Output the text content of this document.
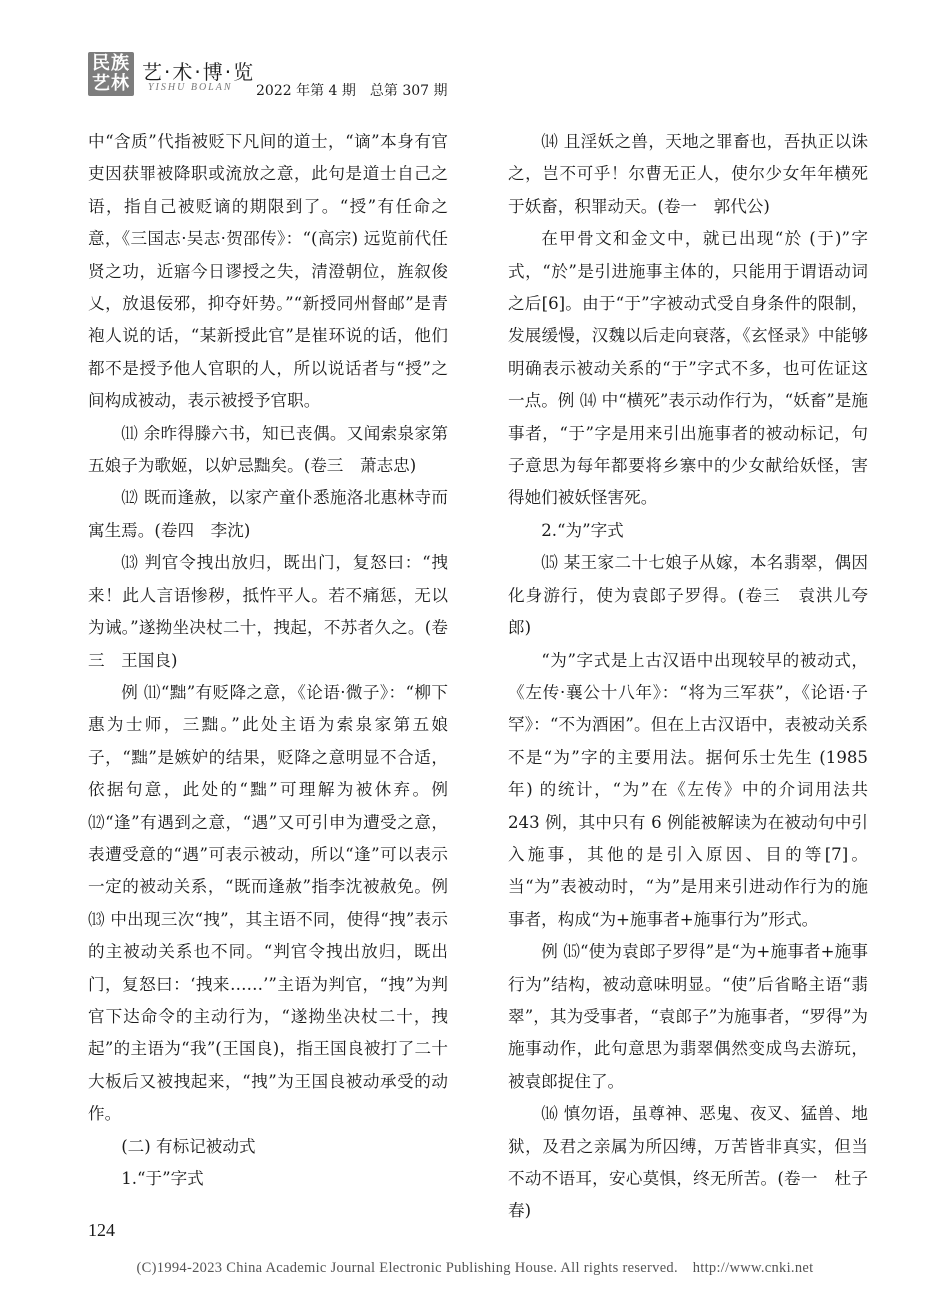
民族
艺林 艺·术·博·览
YISHU BOLAN 2022 年第 4 期　总第 307 期

中“含质”代指被贬下凡间的道士，“谪”本身有官吏因获罪被降职或流放之意，此句是道士自己之语，指自己被贬谪的期限到了。“授”有任命之意，《三国志·吴志·贺邵传》：“(高宗) 远览前代任贤之功，近寤今日谬授之失，清澄朝位，旌叙俊乂，放退佞邪，抑夺奸势。”“新授同州督邮”是青袍人说的话，“某新授此官”是崔环说的话，他们都不是授予他人官职的人，所以说话者与“授”之间构成被动，表示被授予官职。

⑾ 余昨得滕六书，知已丧偶。又闻索泉家第五娘子为歌姬，以妒忌黜矣。(卷三　萧志忠)

⑿ 既而逢赦，以家产童仆悉施洛北惠林寺而寓生焉。(卷四　李沈)

⒀ 判官令拽出放归，既出门，复怒曰：“拽来！此人言语惨秽，抵忤平人。若不痛惩，无以为诫。”遂拗坐决杖二十，拽起，不苏者久之。(卷三　王国良)

例 ⑾“黜”有贬降之意，《论语·微子》：“柳下惠为士师，三黜。”此处主语为索泉家第五娘子，“黜”是嫉妒的结果，贬降之意明显不合适，依据句意，此处的“黜”可理解为被休弃。例 ⑿“逢”有遇到之意，“遇”又可引申为遭受之意，表遭受意的“遇”可表示被动，所以“逢”可以表示一定的被动关系，“既而逢赦”指李沈被赦免。例 ⒀ 中出现三次“拽”，其主语不同，使得“拽”表示的主被动关系也不同。“判官令拽出放归，既出门，复怒曰：‘拽来……’”主语为判官，“拽”为判官下达命令的主动行为，“遂拗坐决杖二十，拽起”的主语为“我”(王国良)，指王国良被打了二十大板后又被拽起来，“拽”为王国良被动承受的动作。

(二) 有标记被动式

1.“于”字式

⒁ 且淫妖之兽，天地之罪畜也，吾执正以诛之，岂不可乎！尔曹无正人，使尔少女年年横死于妖畜，积罪动天。(卷一　郭代公)

在甲骨文和金文中，就已出现“於 (于)”字式，“於”是引进施事主体的，只能用于谓语动词之后[6]。由于“于”字被动式受自身条件的限制，发展缓慢，汉魏以后走向衰落，《玄怪录》中能够明确表示被动关系的“于”字式不多，也可佐证这一点。例 ⒁ 中“横死”表示动作行为，“妖畜”是施事者，“于”字是用来引出施事者的被动标记，句子意思为每年都要将乡寨中的少女献给妖怪，害得她们被妖怪害死。

2.“为”字式

⒂ 某王家二十七娘子从嫁，本名翡翠，偶因化身游行，使为袁郎子罗得。(卷三　袁洪儿夸郎)

“为”字式是上古汉语中出现较早的被动式，《左传·襄公十八年》：“将为三军获”，《论语·子罕》：“不为酒困”。但在上古汉语中，表被动关系不是“为”字的主要用法。据何乐士先生 (1985 年) 的统计，“为”在《左传》中的介词用法共 243 例，其中只有 6 例能被解读为在被动句中引入施事，其他的是引入原因、目的等[7]。当“为”表被动时，“为”是用来引进动作行为的施事者，构成“为+施事者+施事行为”形式。

例 ⒂“使为袁郎子罗得”是“为+施事者+施事行为”结构，被动意味明显。“使”后省略主语“翡翠”，其为受事者，“袁郎子”为施事者，“罗得”为施事动作，此句意思为翡翠偶然变成鸟去游玩，被袁郎捉住了。

⒃ 慎勿语，虽尊神、恶鬼、夜叉、猛兽、地狱，及君之亲属为所囚缚，万苦皆非真实，但当不动不语耳，安心莫惧，终无所苦。(卷一　杜子春)

124
(C)1994-2023 China Academic Journal Electronic Publishing House. All rights reserved.　http://www.cnki.net
